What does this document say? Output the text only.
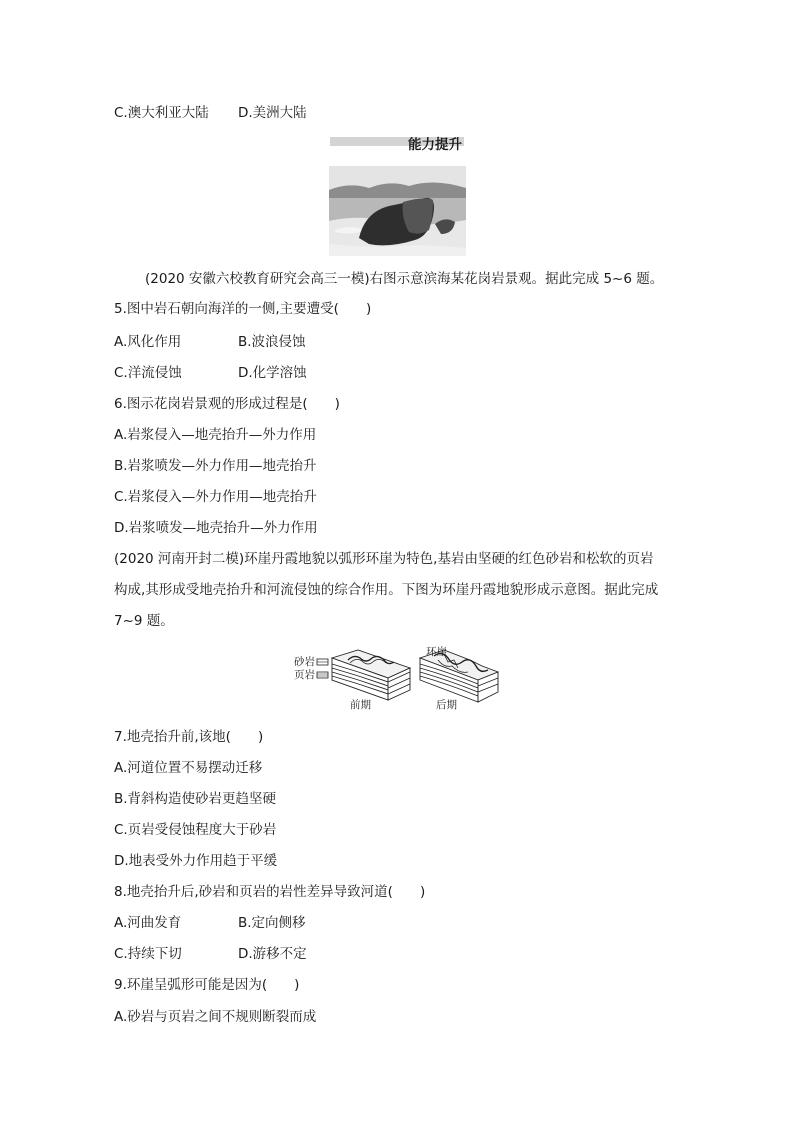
C.澳大利亚大陆 D.美洲大陆
能力提升
(2020 安徽六校教育研究会高三一模)右图示意滨海某花岗岩景观。据此完成 5~6 题。
5.图中岩石朝向海洋的一侧,主要遭受(　　)
A.风化作用	B.波浪侵蚀
C.洋流侵蚀	D.化学溶蚀
6.图示花岗岩景观的形成过程是(　　)
A.岩浆侵入—地壳抬升—外力作用
B.岩浆喷发—外力作用—地壳抬升
C.岩浆侵入—外力作用—地壳抬升
D.岩浆喷发—地壳抬升—外力作用
(2020 河南开封二模)环崖丹霞地貌以弧形环崖为特色,基岩由坚硬的红色砂岩和松软的页岩
构成,其形成受地壳抬升和河流侵蚀的综合作用。下图为环崖丹霞地貌形成示意图。据此完成
7~9 题。
砂岩
页岩
环崖
前期	后期
7.地壳抬升前,该地(　　)
A.河道位置不易摆动迁移
B.背斜构造使砂岩更趋坚硬
C.页岩受侵蚀程度大于砂岩
D.地表受外力作用趋于平缓
8.地壳抬升后,砂岩和页岩的岩性差异导致河道(　　)
A.河曲发育	B.定向侧移
C.持续下切	D.游移不定
9.环崖呈弧形可能是因为(　　)
A.砂岩与页岩之间不规则断裂而成
